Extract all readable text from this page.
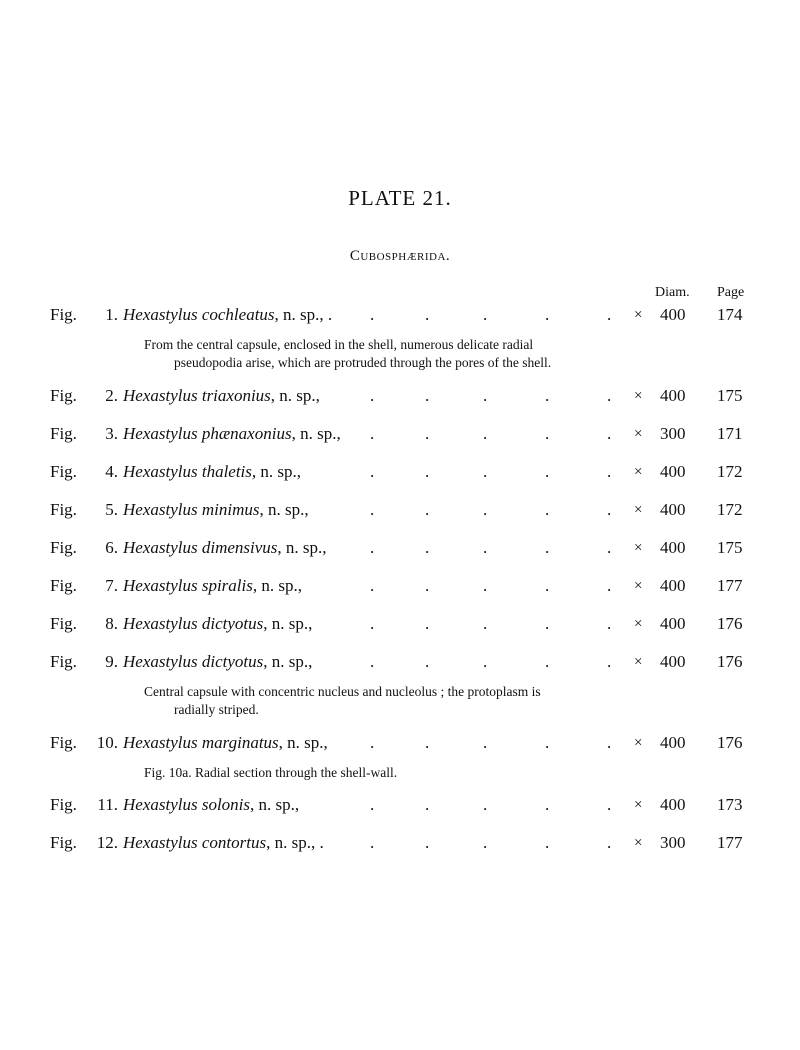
PLATE 21.
Cubosphærida.
Diam. Page
Fig.	1. Hexastylus cochleatus, n. sp., . .	.	.	.	. × 400 174
From the central capsule, enclosed in the shell, numerous delicate radial
pseudopodia arise, which are protruded through the pores of the shell.
Fig.	2. Hexastylus triaxonius, n. sp.,	.	.	.	.	. × 400 175
Fig.	3. Hexastylus phænaxonius, n. sp., .	.	.	.	. × 300 171
Fig.	4. Hexastylus thaletis, n. sp.,	.	.	.	.	. × 400 172
Fig.	5. Hexastylus minimus, n. sp.,	.	.	.	.	. × 400 172
Fig.	6. Hexastylus dimensivus, n. sp.,	.	.	.	.	. × 400 175
Fig.	7. Hexastylus spiralis, n. sp.,	.	.	.	.	. × 400 177
Fig.	8. Hexastylus dictyotus, n. sp.,	.	.	.	.	. × 400 176
Fig.	9. Hexastylus dictyotus, n. sp.,	.	.	.	.	. × 400 176
Central capsule with concentric nucleus and nucleolus ; the protoplasm is
radially striped.
Fig.	10. Hexastylus marginatus, n. sp., .	.	.	.	. × 400 176
Fig. 10a. Radial section through the shell-wall.
Fig.	11. Hexastylus solonis, n. sp.,	.	.	.	.	. × 400 173
Fig.	12. Hexastylus contortus, n. sp., .	.	.	.	.	. × 300 177
